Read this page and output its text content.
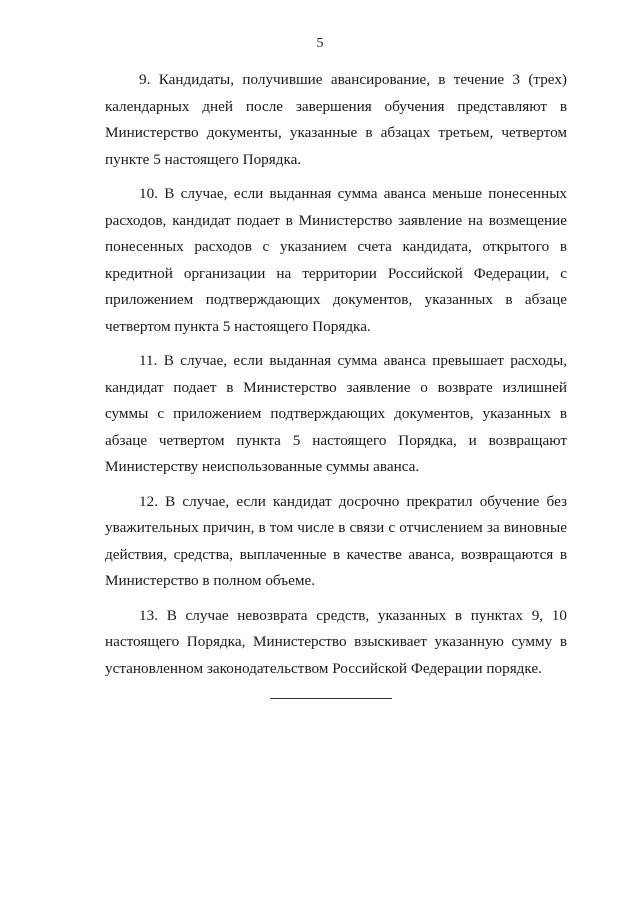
5

9. Кандидаты, получившие авансирование, в течение 3 (трех) календарных дней после завершения обучения представляют в Министерство документы, указанные в абзацах третьем, четвертом пункте 5 настоящего Порядка.

10. В случае, если выданная сумма аванса меньше понесенных расходов, кандидат подает в Министерство заявление на возмещение понесенных расходов с указанием счета кандидата, открытого в кредитной организации на территории Российской Федерации, с приложением подтверждающих документов, указанных в абзаце четвертом пункта 5 настоящего Порядка.

11. В случае, если выданная сумма аванса превышает расходы, кандидат подает в Министерство заявление о возврате излишней суммы с приложением подтверждающих документов, указанных в абзаце четвертом пункта 5 настоящего Порядка, и возвращают Министерству неиспользованные суммы аванса.

12. В случае, если кандидат досрочно прекратил обучение без уважительных причин, в том числе в связи с отчислением за виновные действия, средства, выплаченные в качестве аванса, возвращаются в Министерство в полном объеме.

13. В случае невозврата средств, указанных в пунктах 9, 10 настоящего Порядка, Министерство взыскивает указанную сумму в установленном законодательством Российской Федерации порядке.
